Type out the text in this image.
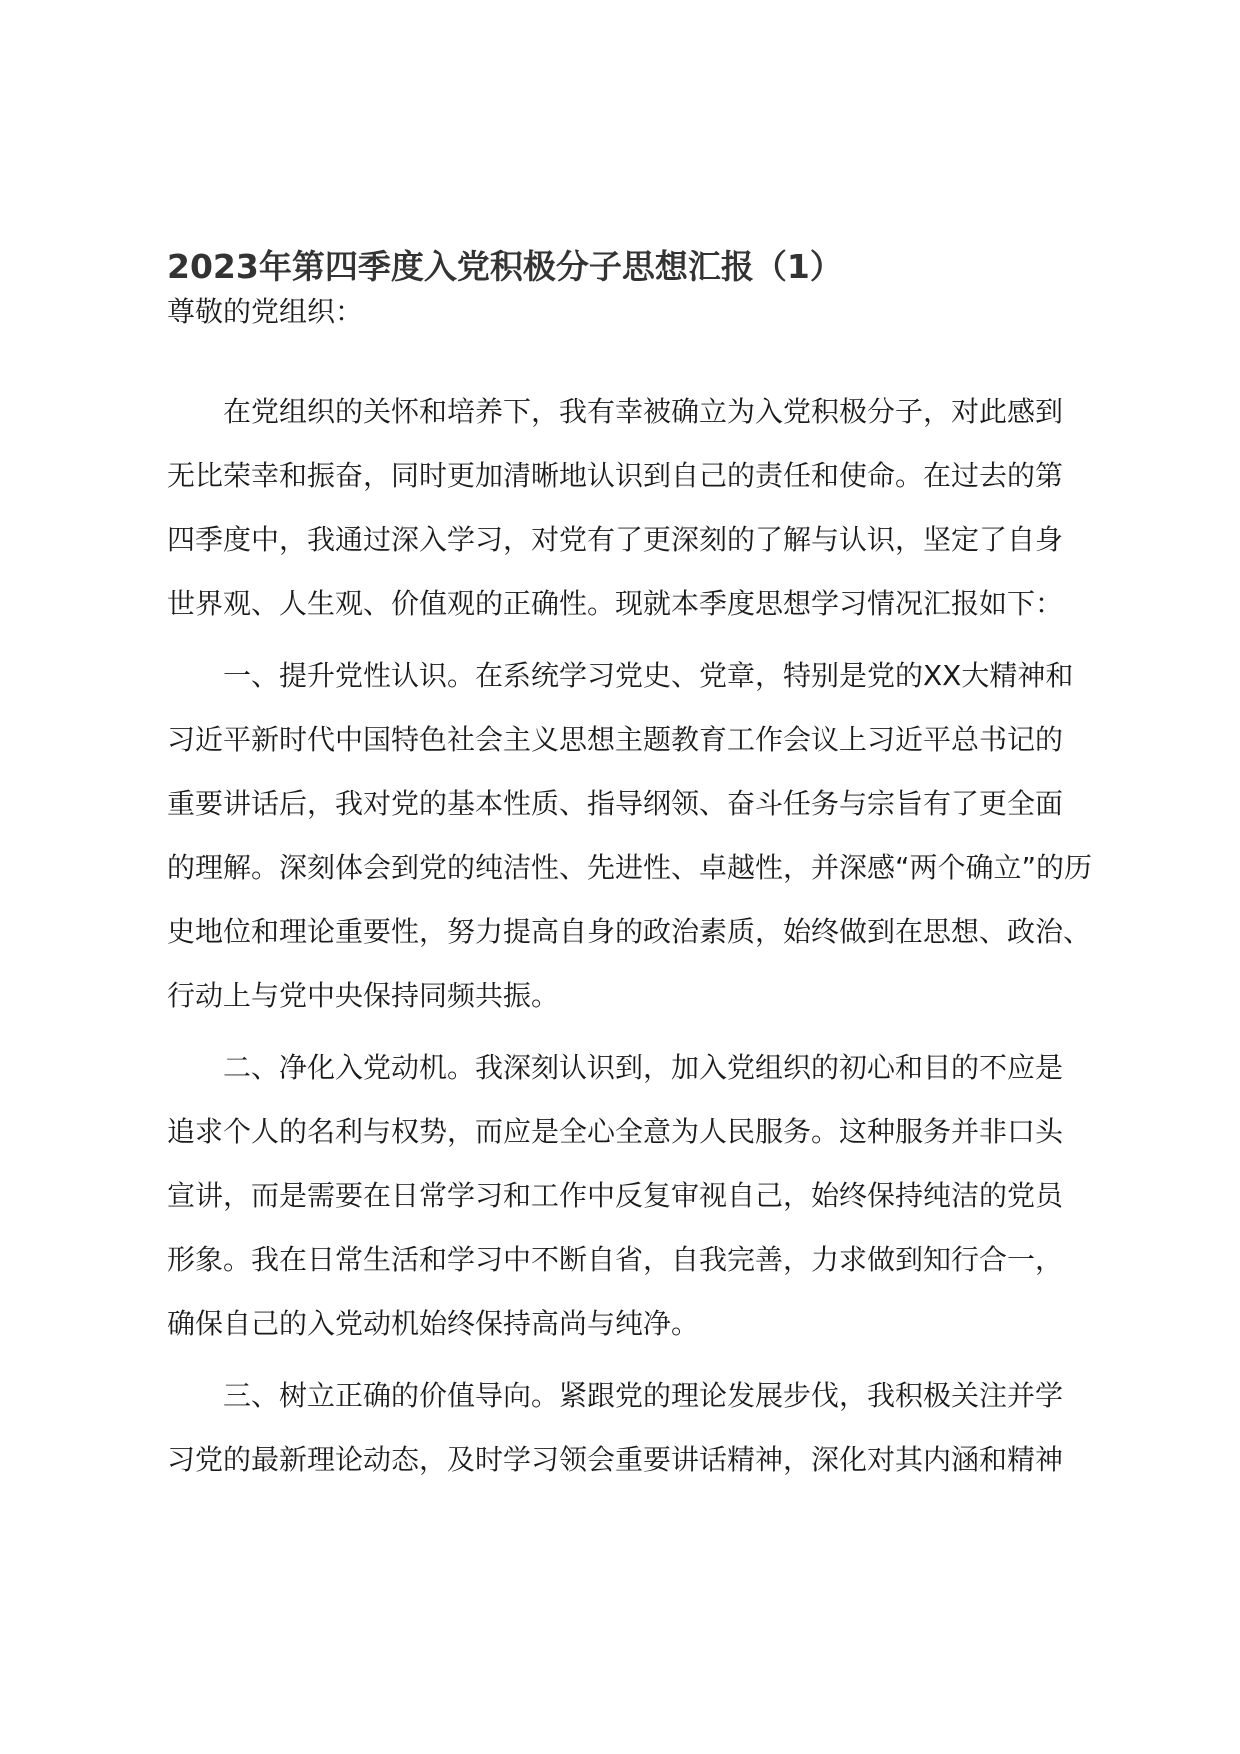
2023年第四季度入党积极分子思想汇报（1）
尊敬的党组织：
　　在党组织的关怀和培养下，我有幸被确立为入党积极分子，对此感到
无比荣幸和振奋，同时更加清晰地认识到自己的责任和使命。在过去的第
四季度中，我通过深入学习，对党有了更深刻的了解与认识，坚定了自身
世界观、人生观、价值观的正确性。现就本季度思想学习情况汇报如下：
　　一、提升党性认识。在系统学习党史、党章，特别是党的XX大精神和
习近平新时代中国特色社会主义思想主题教育工作会议上习近平总书记的
重要讲话后，我对党的基本性质、指导纲领、奋斗任务与宗旨有了更全面
的理解。深刻体会到党的纯洁性、先进性、卓越性，并深感“两个确立”的历
史地位和理论重要性，努力提高自身的政治素质，始终做到在思想、政治、
行动上与党中央保持同频共振。
　　二、净化入党动机。我深刻认识到，加入党组织的初心和目的不应是
追求个人的名利与权势，而应是全心全意为人民服务。这种服务并非口头
宣讲，而是需要在日常学习和工作中反复审视自己，始终保持纯洁的党员
形象。我在日常生活和学习中不断自省，自我完善，力求做到知行合一，
确保自己的入党动机始终保持高尚与纯净。
　　三、树立正确的价值导向。紧跟党的理论发展步伐，我积极关注并学
习党的最新理论动态，及时学习领会重要讲话精神，深化对其内涵和精神
